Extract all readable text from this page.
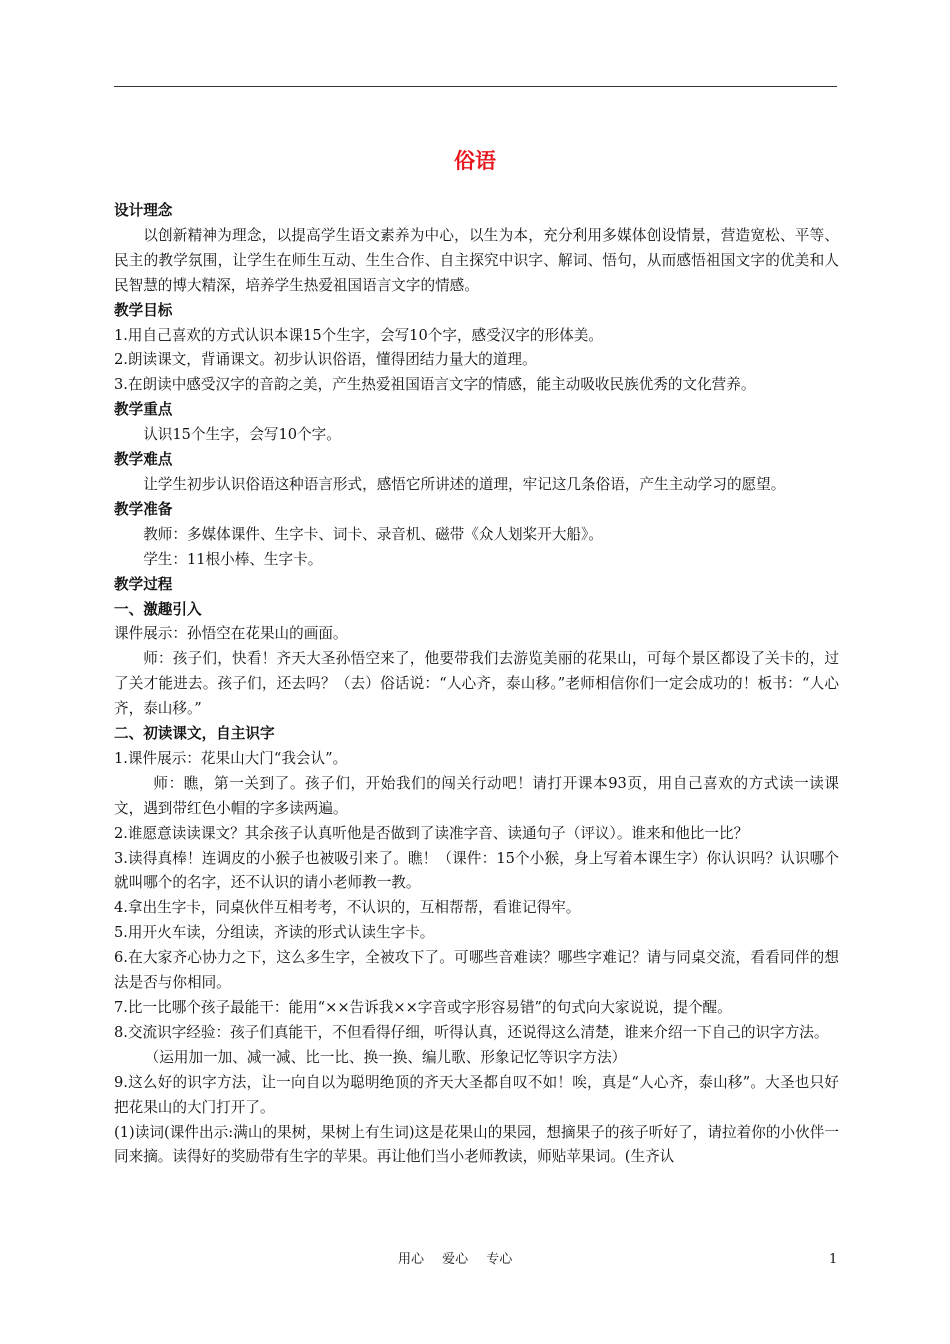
俗语

设计理念

以创新精神为理念，以提高学生语文素养为中心，以生为本，充分利用多媒体创设情景，营造宽松、平等、民主的教学氛围，让学生在师生互动、生生合作、自主探究中识字、解词、悟句，从而感悟祖国文字的优美和人民智慧的博大精深，培养学生热爱祖国语言文字的情感。

教学目标

1.用自己喜欢的方式认识本课15个生字，会写10个字，感受汉字的形体美。

2.朗读课文，背诵课文。初步认识俗语，懂得团结力量大的道理。

3.在朗读中感受汉字的音韵之美，产生热爱祖国语言文字的情感，能主动吸收民族优秀的文化营养。

教学重点

认识15个生字，会写10个字。

教学难点

让学生初步认识俗语这种语言形式，感悟它所讲述的道理，牢记这几条俗语，产生主动学习的愿望。

教学准备

教师：多媒体课件、生字卡、词卡、录音机、磁带《众人划桨开大船》。

学生：11根小棒、生字卡。

教学过程

一、激趣引入

课件展示：孙悟空在花果山的画面。

师：孩子们，快看！齐天大圣孙悟空来了，他要带我们去游览美丽的花果山，可每个景区都设了关卡的，过了关才能进去。孩子们，还去吗？（去）俗话说：“人心齐，泰山移。”老师相信你们一定会成功的！板书：“人心齐，泰山移。”

二、初读课文，自主识字

1.课件展示：花果山大门“我会认”。

师：瞧，第一关到了。孩子们，开始我们的闯关行动吧！请打开课本93页，用自己喜欢的方式读一读课文，遇到带红色小帽的字多读两遍。

2.谁愿意读读课文？其余孩子认真听他是否做到了读准字音、读通句子（评议）。谁来和他比一比？

3.读得真棒！连调皮的小猴子也被吸引来了。瞧！（课件：15个小猴，身上写着本课生字）你认识吗？认识哪个就叫哪个的名字，还不认识的请小老师教一教。

4.拿出生字卡，同桌伙伴互相考考，不认识的，互相帮帮，看谁记得牢。

5.用开火车读，分组读，齐读的形式认读生字卡。

6.在大家齐心协力之下，这么多生字，全被攻下了。可哪些音难读？哪些字难记？请与同桌交流，看看同伴的想法是否与你相同。

7.比一比哪个孩子最能干：能用“××告诉我××字音或字形容易错”的句式向大家说说，提个醒。

8.交流识字经验：孩子们真能干，不但看得仔细，听得认真，还说得这么清楚，谁来介绍一下自己的识字方法。

（运用加一加、减一减、比一比、换一换、编儿歌、形象记忆等识字方法）

9.这么好的识字方法，让一向自以为聪明绝顶的齐天大圣都自叹不如！唉，真是“人心齐，泰山移”。大圣也只好把花果山的大门打开了。

(1)读词(课件出示:满山的果树，果树上有生词)这是花果山的果园，想摘果子的孩子听好了，请拉着你的小伙伴一同来摘。读得好的奖励带有生字的苹果。再让他们当小老师教读，师贴苹果词。(生齐认

用心 爱心 专心	1
